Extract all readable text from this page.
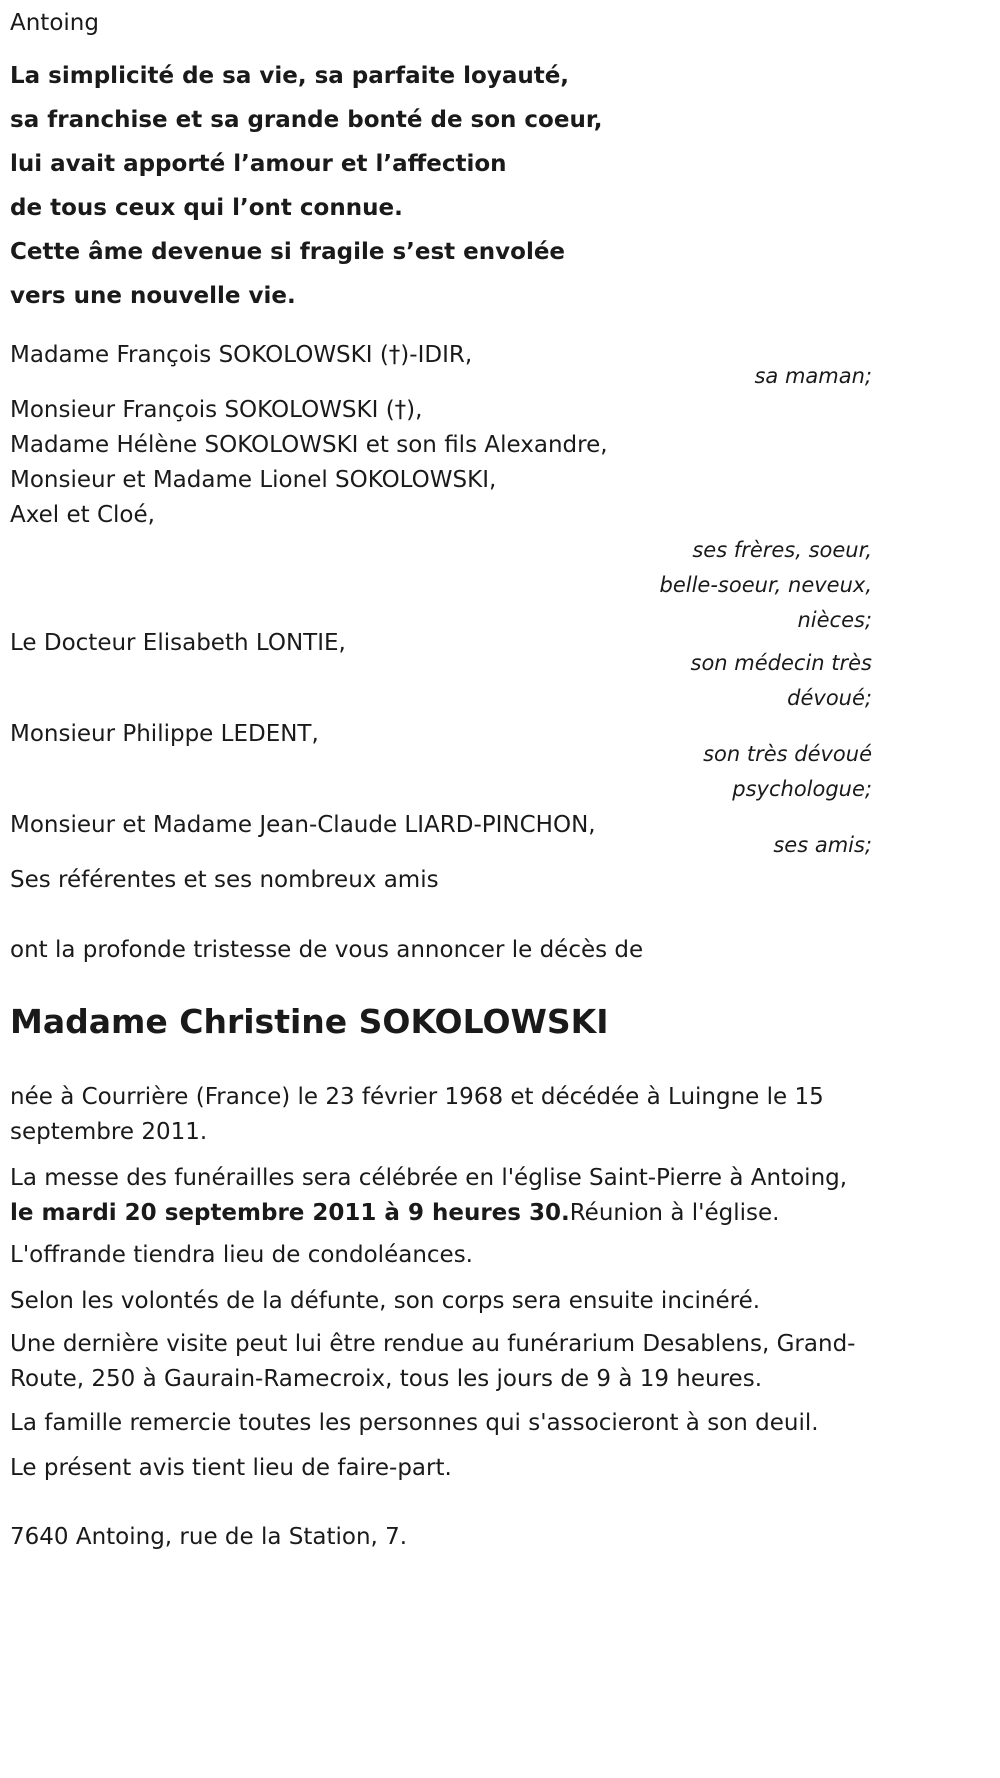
Antoing
La simplicité de sa vie, sa parfaite loyauté,
sa franchise et sa grande bonté de son coeur,
lui avait apporté l’amour et l’affection
de tous ceux qui l’ont connue.
Cette âme devenue si fragile s’est envolée
vers une nouvelle vie.
Madame François SOKOLOWSKI (†)-IDIR,
sa maman;
Monsieur François SOKOLOWSKI (†),
Madame Hélène SOKOLOWSKI et son fils Alexandre,
Monsieur et Madame Lionel SOKOLOWSKI,
Axel et Cloé,
ses frères, soeur,
belle-soeur, neveux,
nièces;
Le Docteur Elisabeth LONTIE,
son médecin très
dévoué;
Monsieur Philippe LEDENT,
son très dévoué
psychologue;
Monsieur et Madame Jean-Claude LIARD-PINCHON,
ses amis;
Ses référentes et ses nombreux amis
ont la profonde tristesse de vous annoncer le décès de
Madame Christine SOKOLOWSKI
née à Courrière (France) le 23 février 1968 et décédée à Luingne le 15 septembre 2011.
La messe des funérailles sera célébrée en l'église Saint-Pierre à Antoing,
le mardi 20 septembre 2011 à 9 heures 30.Réunion à l'église.
L'offrande tiendra lieu de condoléances.
Selon les volontés de la défunte, son corps sera ensuite incinéré.
Une dernière visite peut lui être rendue au funérarium Desablens, Grand-Route, 250 à Gaurain-Ramecroix, tous les jours de 9 à 19 heures.
La famille remercie toutes les personnes qui s'associeront à son deuil.
Le présent avis tient lieu de faire-part.
7640 Antoing, rue de la Station, 7.
